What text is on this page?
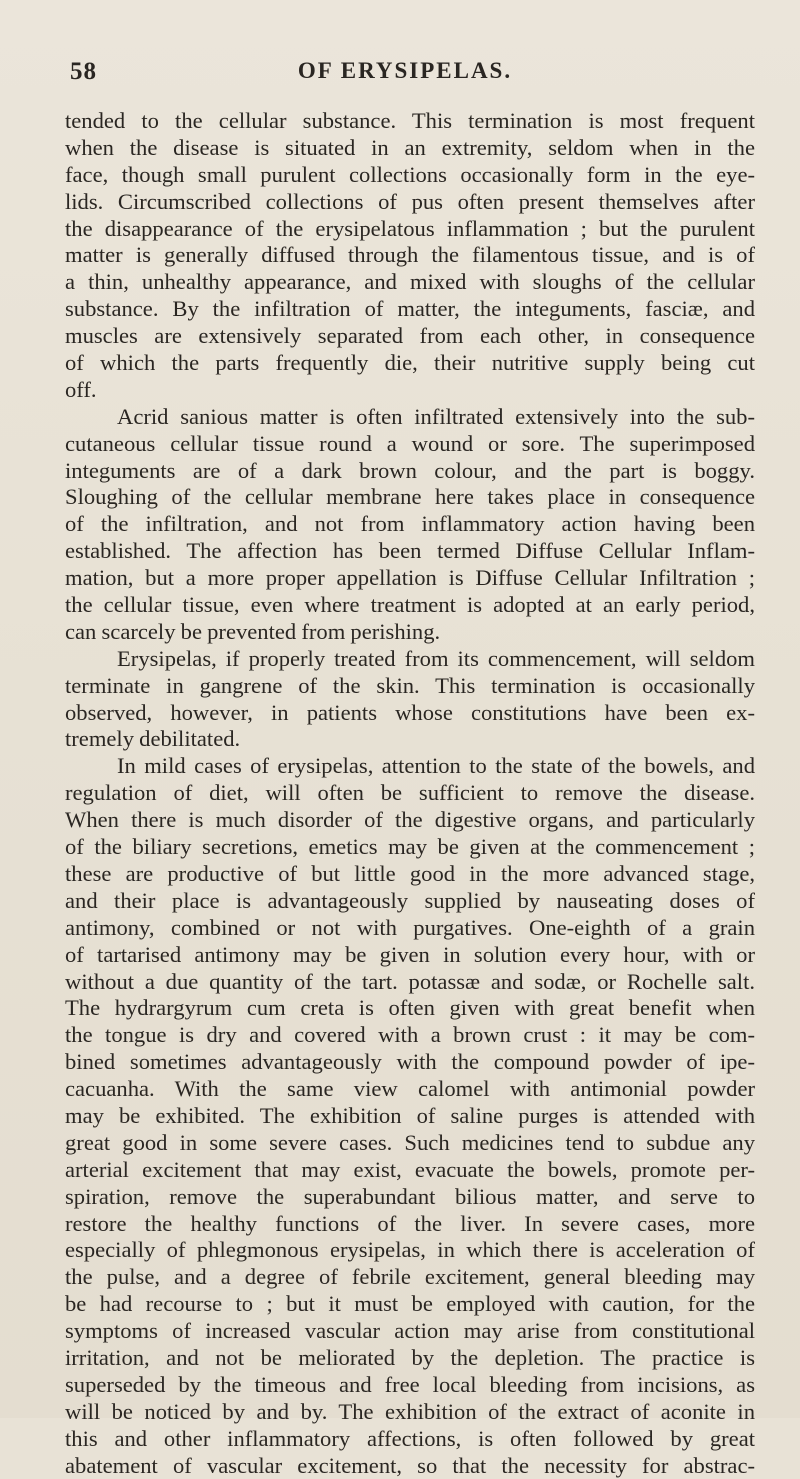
58	OF ERYSIPELAS.
tended to the cellular substance. This termination is most frequent
when the disease is situated in an extremity, seldom when in the
face, though small purulent collections occasionally form in the eye-
lids. Circumscribed collections of pus often present themselves after
the disappearance of the erysipelatous inflammation ; but the purulent
matter is generally diffused through the filamentous tissue, and is of
a thin, unhealthy appearance, and mixed with sloughs of the cellular
substance. By the infiltration of matter, the integuments, fasciæ, and
muscles are extensively separated from each other, in consequence
of which the parts frequently die, their nutritive supply being cut
off.
Acrid sanious matter is often infiltrated extensively into the sub-
cutaneous cellular tissue round a wound or sore. The superimposed
integuments are of a dark brown colour, and the part is boggy.
Sloughing of the cellular membrane here takes place in consequence
of the infiltration, and not from inflammatory action having been
established. The affection has been termed Diffuse Cellular Inflam-
mation, but a more proper appellation is Diffuse Cellular Infiltration ;
the cellular tissue, even where treatment is adopted at an early period,
can scarcely be prevented from perishing.
Erysipelas, if properly treated from its commencement, will seldom
terminate in gangrene of the skin. This termination is occasionally
observed, however, in patients whose constitutions have been ex-
tremely debilitated.
In mild cases of erysipelas, attention to the state of the bowels, and
regulation of diet, will often be sufficient to remove the disease.
When there is much disorder of the digestive organs, and particularly
of the biliary secretions, emetics may be given at the commencement ;
these are productive of but little good in the more advanced stage,
and their place is advantageously supplied by nauseating doses of
antimony, combined or not with purgatives. One-eighth of a grain
of tartarised antimony may be given in solution every hour, with or
without a due quantity of the tart. potassæ and sodæ, or Rochelle salt.
The hydrargyrum cum creta is often given with great benefit when
the tongue is dry and covered with a brown crust : it may be com-
bined sometimes advantageously with the compound powder of ipe-
cacuanha. With the same view calomel with antimonial powder
may be exhibited. The exhibition of saline purges is attended with
great good in some severe cases. Such medicines tend to subdue any
arterial excitement that may exist, evacuate the bowels, promote per-
spiration, remove the superabundant bilious matter, and serve to
restore the healthy functions of the liver. In severe cases, more
especially of phlegmonous erysipelas, in which there is acceleration of
the pulse, and a degree of febrile excitement, general bleeding may
be had recourse to ; but it must be employed with caution, for the
symptoms of increased vascular action may arise from constitutional
irritation, and not be meliorated by the depletion. The practice is
superseded by the timeous and free local bleeding from incisions, as
will be noticed by and by. The exhibition of the extract of aconite in
this and other inflammatory affections, is often followed by great
abatement of vascular excitement, so that the necessity for abstrac-
